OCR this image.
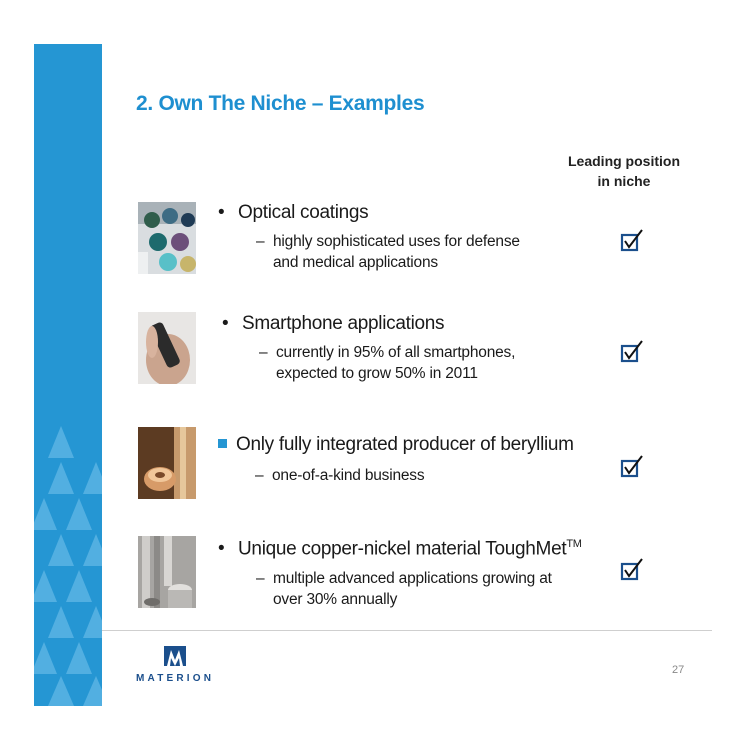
2. Own The Niche – Examples
Leading position
in niche
• Optical coatings
– highly sophisticated uses for defense
and medical applications
• Smartphone applications
– currently in 95% of all smartphones,
expected to grow 50% in 2011
Only fully integrated producer of beryllium
– one-of-a-kind business
• Unique copper-nickel material ToughMet™
– multiple advanced applications growing at
over 30% annually
MATERION
27
